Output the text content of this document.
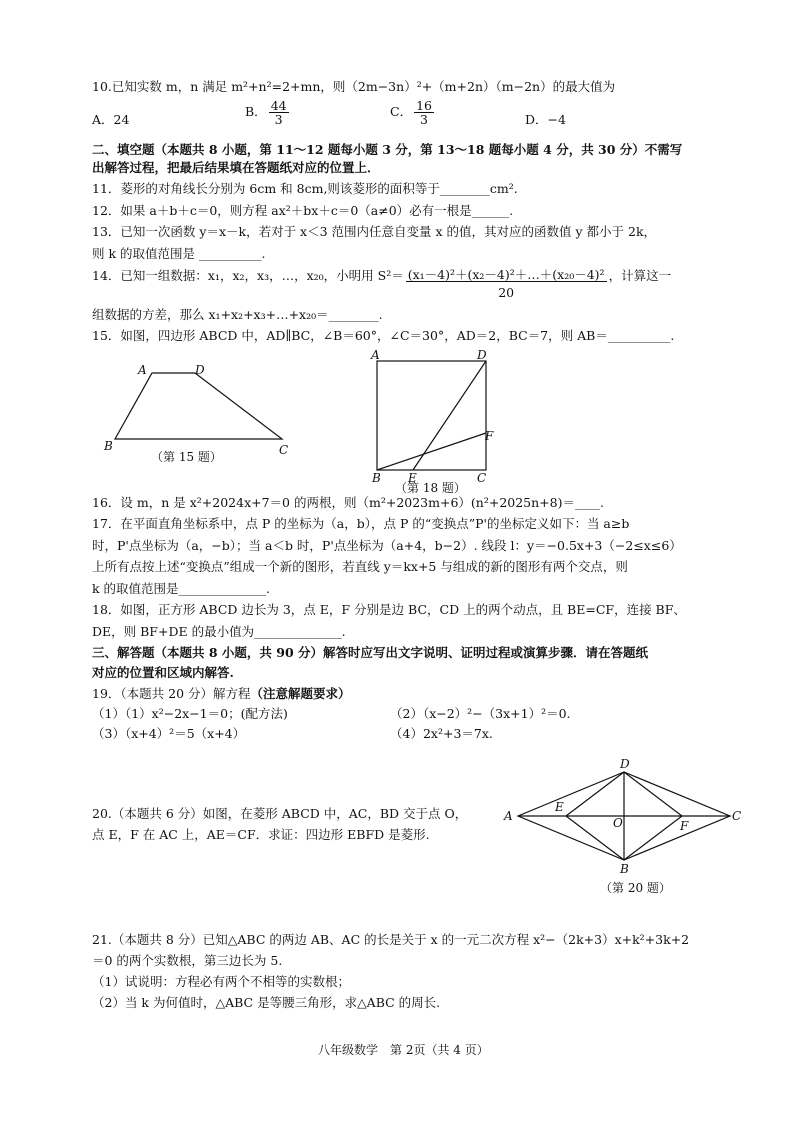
10.已知实数 m，n 满足 m²+n²=2+mn，则（2m−3n）²+（m+2n）（m−2n）的最大值为
A．24
B． $\frac{44}{3}$	C． $\frac{16}{3}$	D．−4
二、填空题（本题共 8 小题，第 11～12 题每小题 3 分，第 13～18 题每小题 4 分，共 30 分）不需写
出解答过程，把最后结果填在答题纸对应的位置上．
11．菱形的对角线长分别为 6cm 和 8cm,则该菱形的面积等于________cm².
12．如果 a＋b＋c＝0，则方程 ax²＋bx＋c＝0（a≠0）必有一根是______.
13．已知一次函数 y＝x－k，若对于 x＜3 范围内任意自变量 x 的值，其对应的函数值 y 都小于 2k，
则 k 的取值范围是 __________.
14．已知一组数据：x₁，x₂，x₃，…，x₂₀，小明用 $S^2= \frac{\text{(x₁－4)²＋(x₂－4)²＋…＋(x₂₀－4)²}}{20}$ ，计算这一
组数据的方差，那么 x₁+x₂+x₃+…+x₂₀＝________.
15．如图，四边形 ABCD 中，AD∥BC，∠B＝60°，∠C＝30°，AD＝2，BC＝7，则 AB＝__________.
A	D
B	C
（第 15 题）
A	D
F
B E	C
（第 18 题）
16．设 m，n 是 x²+2024x+7＝0 的两根，则（m²+2023m+6）(n²+2025n+8)＝____.
17．在平面直角坐标系中，点 P 的坐标为（a，b），点 P 的“变换点”P'的坐标定义如下：当 a≥b
时，P'点坐标为（a，−b）；当 a＜b 时，P'点坐标为（a+4，b−2）. 线段 l：y＝−0.5x+3（−2≤x≤6）
上所有点按上述“变换点”组成一个新的图形，若直线 y＝kx+5 与组成的新的图形有两个交点，则
k 的取值范围是______________.
18．如图，正方形 ABCD 边长为 3，点 E，F 分别是边 BC，CD 上的两个动点，且 BE=CF，连接 BF、
DE，则 BF+DE 的最小值为______________.
三、解答题（本题共 8 小题，共 90 分）解答时应写出文字说明、证明过程或演算步骤．请在答题纸
对应的位置和区域内解答.
19．（本题共 20 分）解方程（注意解题要求）
（1）（1）x²−2x−1＝0；(配方法)	（2）（x−2）²−（3x+1）²＝0.
（3）（x+4）²＝5（x+4）	（4）2x²+3＝7x.
20.（本题共 6 分）如图，在菱形 ABCD 中，AC，BD 交于点 O，
点 E，F 在 AC 上，AE＝CF．求证：四边形 EBFD 是菱形.
A	C
D
B
E
F
O
（第 20 题）
21.（本题共 8 分）已知△ABC 的两边 AB、AC 的长是关于 x 的一元二次方程 x²−（2k+3）x+k²+3k+2
＝0 的两个实数根，第三边长为 5.
（1）试说明：方程必有两个不相等的实数根；
（2）当 k 为何值时，△ABC 是等腰三角形，求△ABC 的周长.
八年级数学　第 2页（共 4 页）
